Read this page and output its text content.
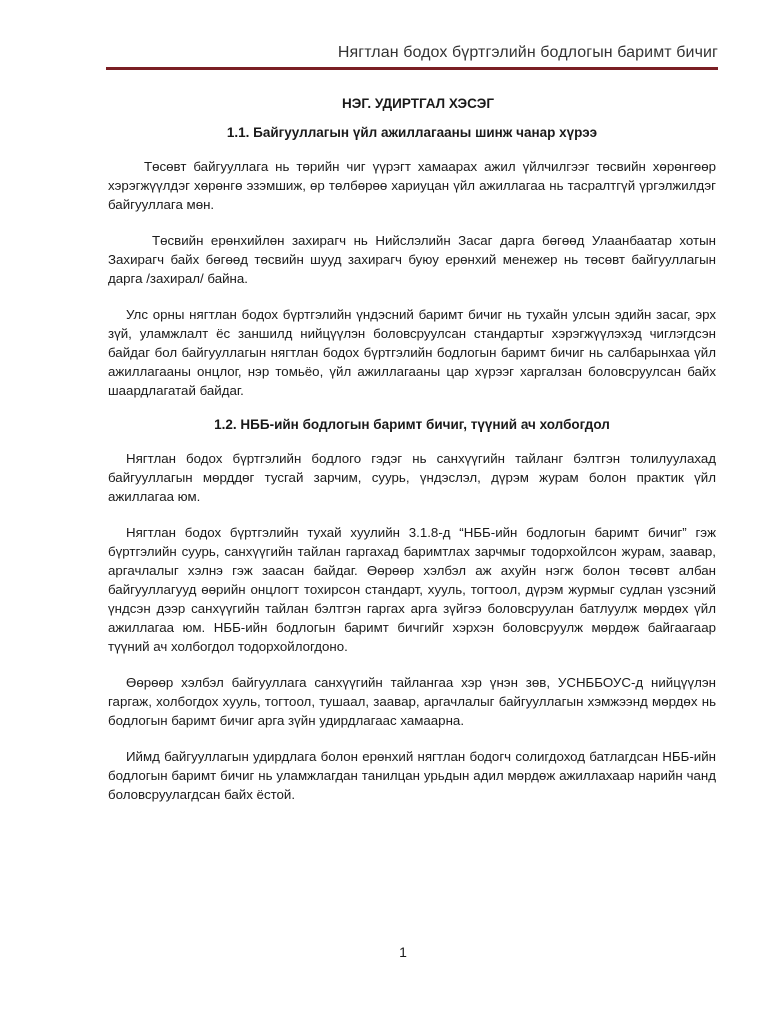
Нягтлан бодох бүртгэлийн бодлогын баримт бичиг
НЭГ. УДИРТГАЛ ХЭСЭГ
1.1. Байгууллагын үйл ажиллагааны шинж чанар хүрээ

Төсөвт байгууллага нь төрийн чиг үүрэгт хамаарах ажил үйлчилгээг төсвийн хөрөнгөөр хэрэгжүүлдэг хөрөнгө эзэмшиж, өр төлбөрөө хариуцан үйл ажиллагаа нь тасралтгүй үргэлжилдэг байгууллага мөн.

Төсвийн ерөнхийлөн захирагч нь Нийслэлийн Засаг дарга бөгөөд Улаанбаатар хотын Захирагч байх бөгөөд төсвийн шууд захирагч буюу ерөнхий менежер нь төсөвт байгууллагын дарга /захирал/ байна.

Улс орны нягтлан бодох бүртгэлийн үндэсний баримт бичиг нь тухайн улсын эдийн засаг, эрх зүй, уламжлалт ёс заншилд нийцүүлэн боловсруулсан стандартыг хэрэгжүүлэхэд чиглэгдсэн байдаг бол байгууллагын нягтлан бодох бүртгэлийн бодлогын баримт бичиг нь салбарынхаа үйл ажиллагааны онцлог, нэр томьёо, үйл ажиллагааны цар хүрээг харгалзан боловсруулсан байх шаардлагатай байдаг.

1.2. НББ-ийн бодлогын баримт бичиг, түүний ач холбогдол

Нягтлан бодох бүртгэлийн бодлого гэдэг нь санхүүгийн тайланг бэлтгэн толилуулахад байгууллагын мөрддөг тусгай зарчим, суурь, үндэслэл, дүрэм журам болон практик үйл ажиллагаа юм.

Нягтлан бодох бүртгэлийн тухай хуулийн 3.1.8-д “НББ-ийн бодлогын баримт бичиг” гэж бүртгэлийн суурь, санхүүгийн тайлан гаргахад баримтлах зарчмыг тодорхойлсон журам, заавар, аргачлалыг хэлнэ гэж заасан байдаг. Өөрөөр хэлбэл аж ахуйн нэгж болон төсөвт албан байгууллагууд өөрийн онцлогт тохирсон стандарт, хууль, тогтоол, дүрэм журмыг судлан үзсэний үндсэн дээр санхүүгийн тайлан бэлтгэн гаргах арга зүйгээ боловсруулан батлуулж мөрдөх үйл ажиллагаа юм. НББ-ийн бодлогын баримт бичгийг хэрхэн боловсруулж мөрдөж байгаагаар түүний ач холбогдол тодорхойлогдоно.

Өөрөөр хэлбэл байгууллага санхүүгийн тайлангаа хэр үнэн зөв, УСНББОУС-д нийцүүлэн гаргаж, холбогдох хууль, тогтоол, тушаал, заавар, аргачлалыг байгууллагын хэмжээнд мөрдөх нь бодлогын баримт бичиг арга зүйн удирдлагаас хамаарна.

Иймд байгууллагын удирдлага болон ерөнхий нягтлан бодогч солигдоход батлагдсан НББ-ийн бодлогын баримт бичиг нь уламжлагдан танилцан урьдын адил мөрдөж ажиллахаар нарийн чанд боловсруулагдсан байх ёстой.

1
